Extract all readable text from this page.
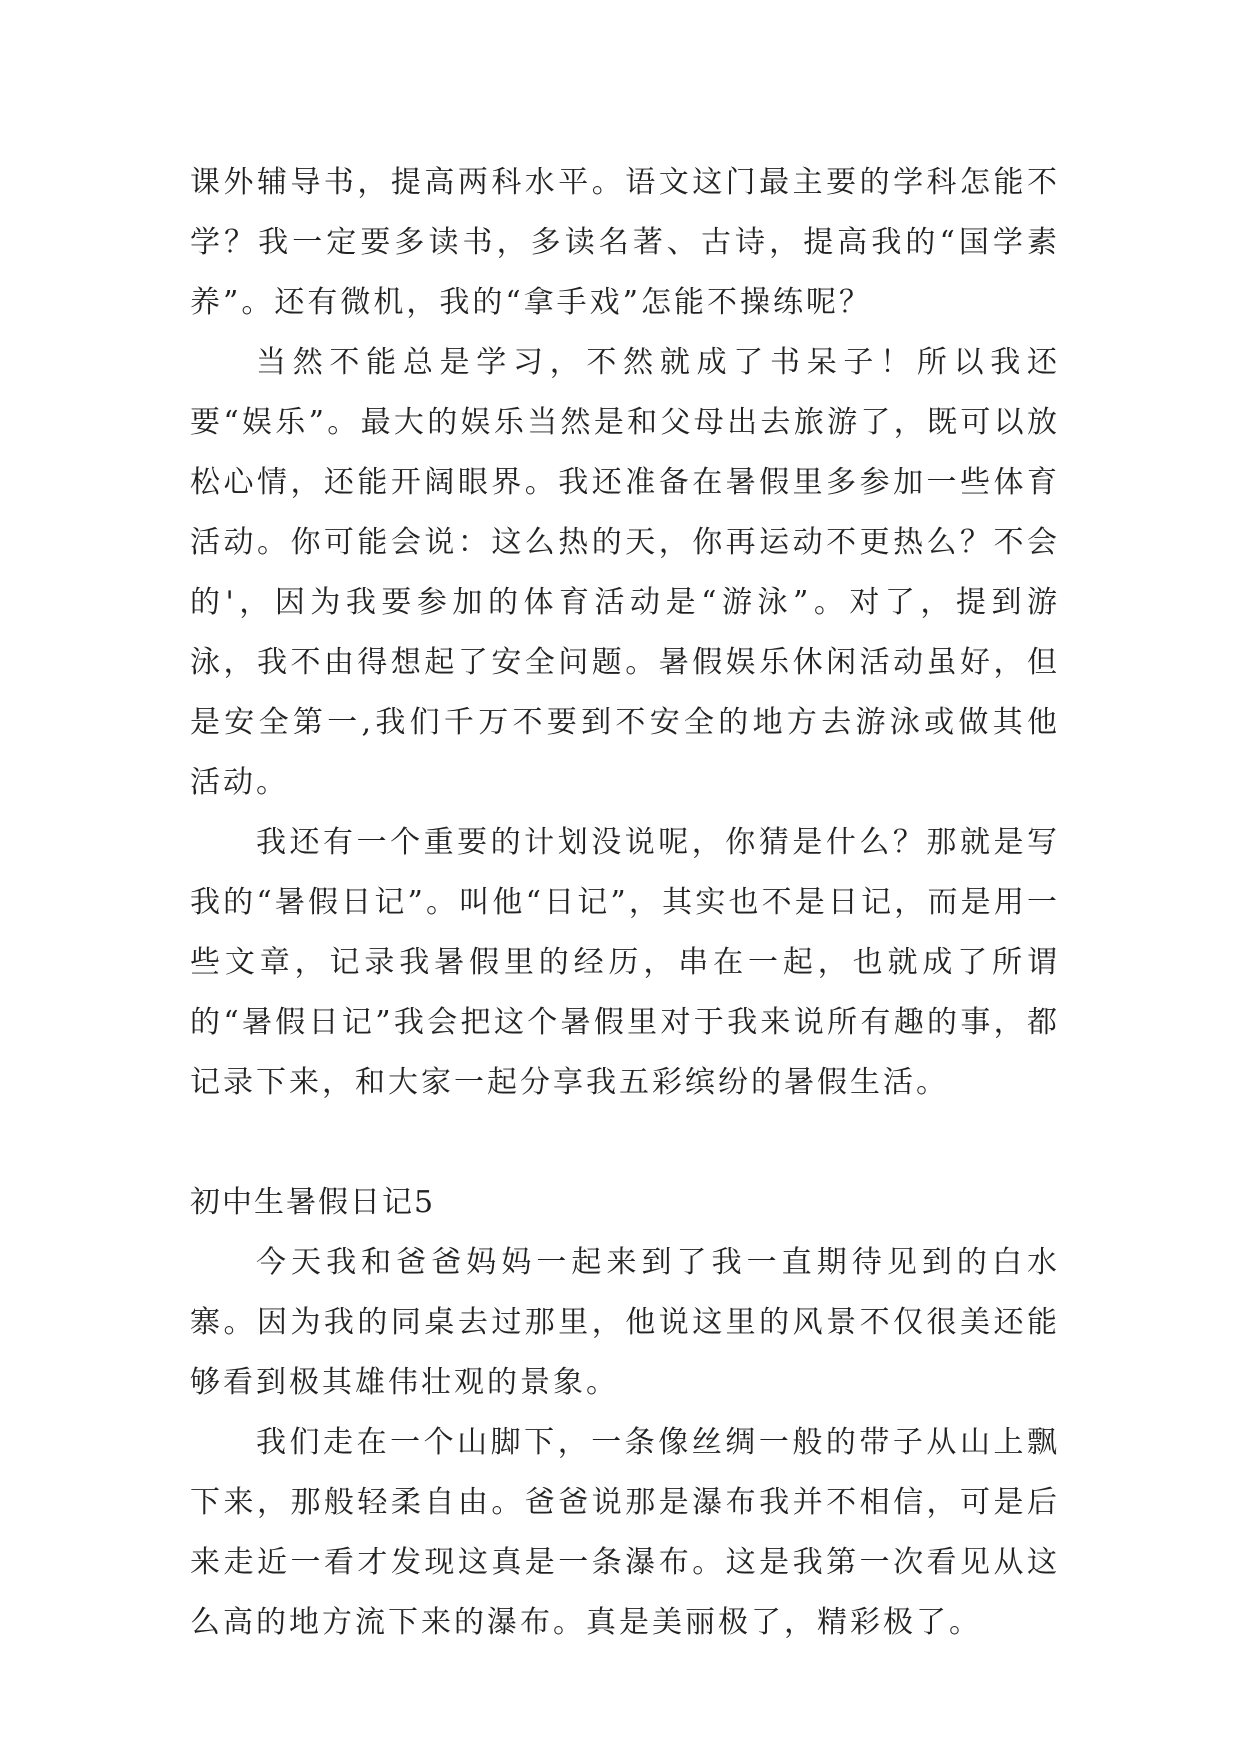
课外辅导书，提高两科水平。语文这门最主要的学科怎能不学？我一定要多读书，多读名著、古诗，提高我的“国学素养”。还有微机，我的“拿手戏”怎能不操练呢？

当然不能总是学习，不然就成了书呆子！所以我还要“娱乐”。最大的娱乐当然是和父母出去旅游了，既可以放松心情，还能开阔眼界。我还准备在暑假里多参加一些体育活动。你可能会说：这么热的天，你再运动不更热么？不会的'，因为我要参加的体育活动是“游泳”。对了，提到游泳，我不由得想起了安全问题。暑假娱乐休闲活动虽好，但是安全第一,我们千万不要到不安全的地方去游泳或做其他活动。

我还有一个重要的计划没说呢，你猜是什么？那就是写我的“暑假日记”。叫他“日记”，其实也不是日记，而是用一些文章，记录我暑假里的经历，串在一起，也就成了所谓的“暑假日记”我会把这个暑假里对于我来说所有趣的事，都记录下来，和大家一起分享我五彩缤纷的暑假生活。

初中生暑假日记5

今天我和爸爸妈妈一起来到了我一直期待见到的白水寨。因为我的同桌去过那里，他说这里的风景不仅很美还能够看到极其雄伟壮观的景象。

我们走在一个山脚下，一条像丝绸一般的带子从山上飘下来，那般轻柔自由。爸爸说那是瀑布我并不相信，可是后来走近一看才发现这真是一条瀑布。这是我第一次看见从这么高的地方流下来的瀑布。真是美丽极了，精彩极了。
